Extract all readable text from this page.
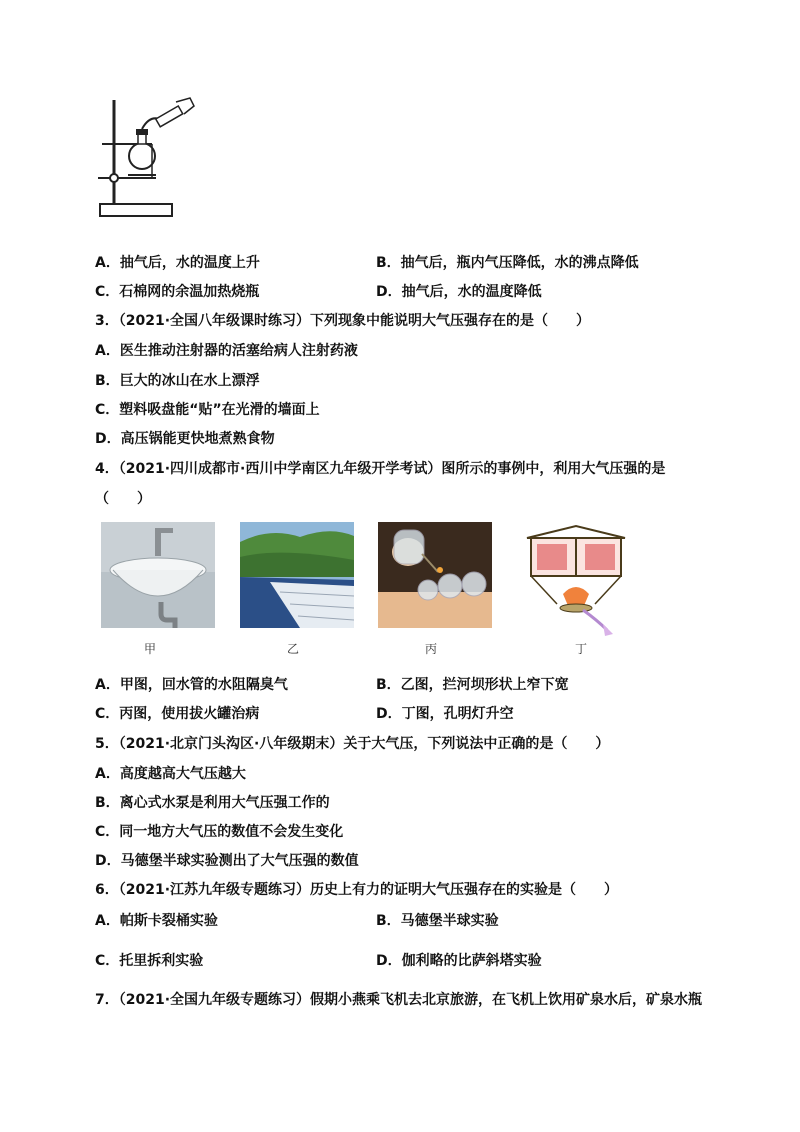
A．抽气后，水的温度上升	B．抽气后，瓶内气压降低，水的沸点降低
C．石棉网的余温加热烧瓶	D．抽气后，水的温度降低
3．（2021·全国八年级课时练习）下列现象中能说明大气压强存在的是（　　）
A．医生推动注射器的活塞给病人注射药液
B．巨大的冰山在水上漂浮
C．塑料吸盘能“贴”在光滑的墙面上
D．高压锅能更快地煮熟食物
4．（2021·四川成都市·西川中学南区九年级开学考试）图所示的事例中，利用大气压强的是
（　　）
甲	乙	丙	丁
A．甲图，回水管的水阻隔臭气	B．乙图，拦河坝形状上窄下宽
C．丙图，使用拔火罐治病	D．丁图，孔明灯升空
5．（2021·北京门头沟区·八年级期末）关于大气压，下列说法中正确的是（　　）
A．高度越高大气压越大
B．离心式水泵是利用大气压强工作的
C．同一地方大气压的数值不会发生变化
D．马德堡半球实验测出了大气压强的数值
6．（2021·江苏九年级专题练习）历史上有力的证明大气压强存在的实验是（　　）
A．帕斯卡裂桶实验	B．马德堡半球实验
C．托里拆利实验	D．伽利略的比萨斜塔实验
7．（2021·全国九年级专题练习）假期小燕乘飞机去北京旅游，在飞机上饮用矿泉水后，矿泉水瓶
